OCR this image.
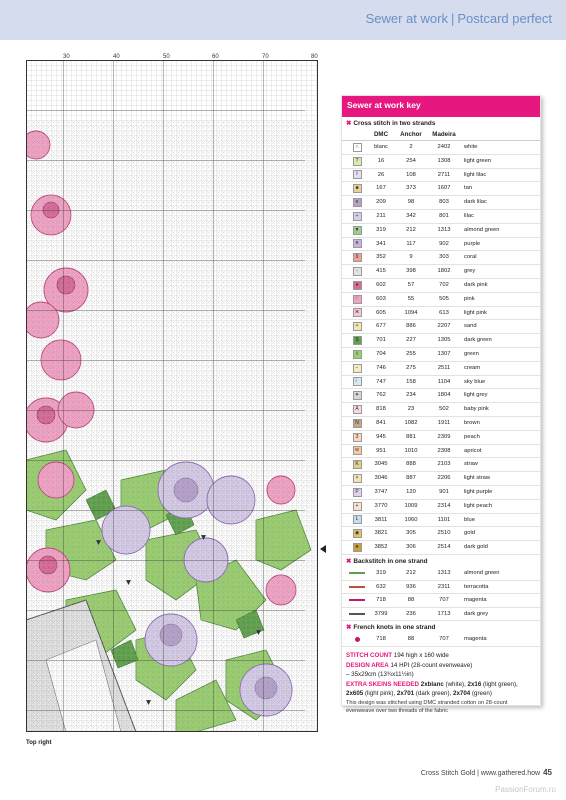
Sewer at work | Postcard perfect
30	40	50	60	70	80
Top right
Sewer at work key
✖ Cross stitch in two strands
DMC	Anchor	Madeira
∩	blanc	2	2402	white
?	16	254	1308	light green
I	26	108	2711	light lilac
■	167	373	1607	tan
e	209	98	803	dark lilac
÷	211	342	801	lilac
▼	319	212	1313	almond green
ʀ	341	117	902	purple
9	352	9	303	coral
◦	415	398	1802	grey
♦	602	57	702	dark pink
♡	603	55	505	pink
ж	605	1094	613	light pink
✧	677	886	2207	sand
$	701	227	1305	dark green
◊	704	255	1307	green
−	746	275	2511	cream
☾	747	158	1104	sky blue
✦	762	234	1804	light grey
A	818	23	502	baby pink
N	841	1082	1911	brown
3	945	881	2309	peach
w	951	1010	2308	apricot
K	3045	888	2103	straw
×	3046	887	2206	light straw
P	3747	120	901	light purple
+	3770	1009	2314	light peach
L	3811	1060	1101	blue
◉	3821	305	2510	gold
★	3852	306	2514	dark gold
✖ Backstitch in one strand
319	212	1313	almond green
632	936	2311	terracotta
718	88	707	magenta
3799	236	1713	dark grey
✖ French knots in one strand
718	88	707	magenta
STITCH COUNT 194 high x 160 wide
DESIGN AREA 14 HPI (28-count evenweave)
– 35x29cm (13¾x11½in)
EXTRA SKEINS NEEDED 2xblanc (white), 2x16 (light green), 2x605 (light pink), 2x701 (dark green), 2x704 (green)
This design was stitched using DMC stranded cotton on 28-count evenweave over two threads of the fabric
Cross Stitch Gold | www.gathered.how 45
PassionForum.ru
